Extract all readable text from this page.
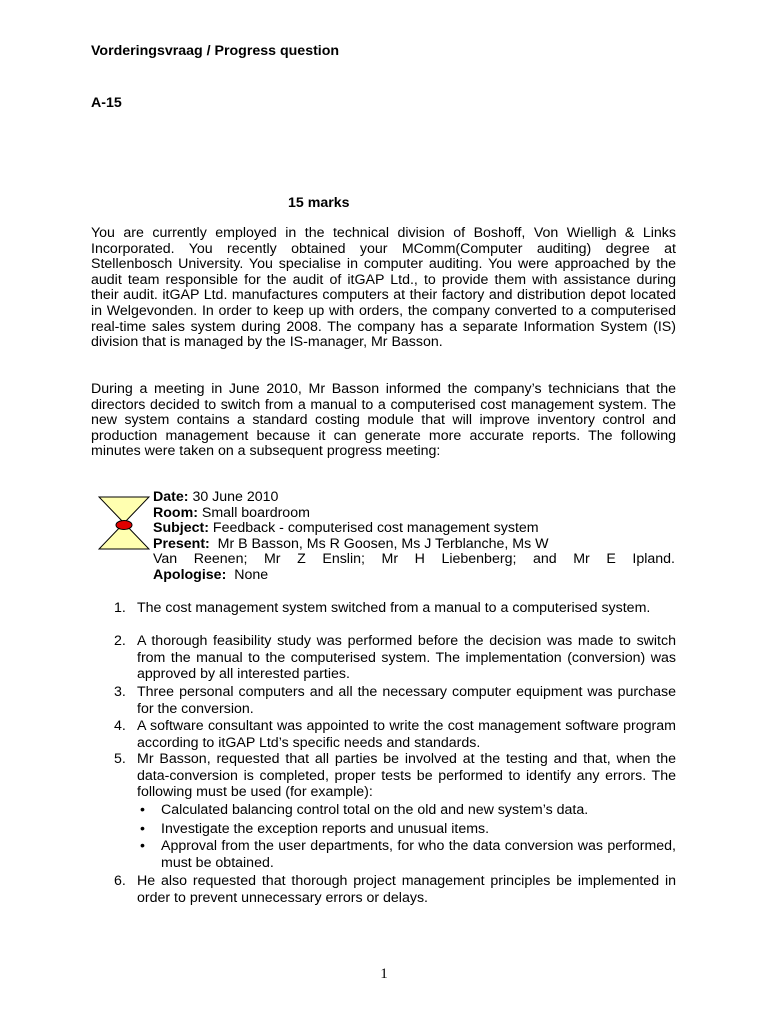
Vorderingsvraag / Progress question
A-15
15 marks

You are currently employed in the technical division of Boshoff, Von Wielligh & Links Incorporated. You recently obtained your MComm(Computer auditing) degree at Stellenbosch University. You specialise in computer auditing. You were approached by the audit team responsible for the audit of itGAP Ltd., to provide them with assistance during their audit. itGAP Ltd. manufactures computers at their factory and distribution depot located in Welgevonden. In order to keep up with orders, the company converted to a computerised real-time sales system during 2008. The company has a separate Information System (IS) division that is managed by the IS-manager, Mr Basson.

During a meeting in June 2010, Mr Basson informed the company’s technicians that the directors decided to switch from a manual to a computerised cost management system. The new system contains a standard costing module that will improve inventory control and production management because it can generate more accurate reports. The following minutes were taken on a subsequent progress meeting:

Date: 30 June 2010
Room: Small boardroom
Subject: Feedback - computerised cost management system
Present: Mr B Basson, Ms R Goosen, Ms J Terblanche, Ms W
Van Reenen; Mr Z Enslin; Mr H Liebenberg; and Mr E Ipland.
Apologise: None
1. The cost management system switched from a manual to a computerised system.
2. A thorough feasibility study was performed before the decision was made to switch from the manual to the computerised system. The implementation (conversion) was approved by all interested parties.
3. Three personal computers and all the necessary computer equipment was purchase for the conversion.
4. A software consultant was appointed to write the cost management software program according to itGAP Ltd’s specific needs and standards.
5. Mr Basson, requested that all parties be involved at the testing and that, when the data-conversion is completed, proper tests be performed to identify any errors. The following must be used (for example):
• Calculated balancing control total on the old and new system’s data.
• Investigate the exception reports and unusual items.
• Approval from the user departments, for who the data conversion was performed, must be obtained.
6. He also requested that thorough project management principles be implemented in order to prevent unnecessary errors or delays.
1
